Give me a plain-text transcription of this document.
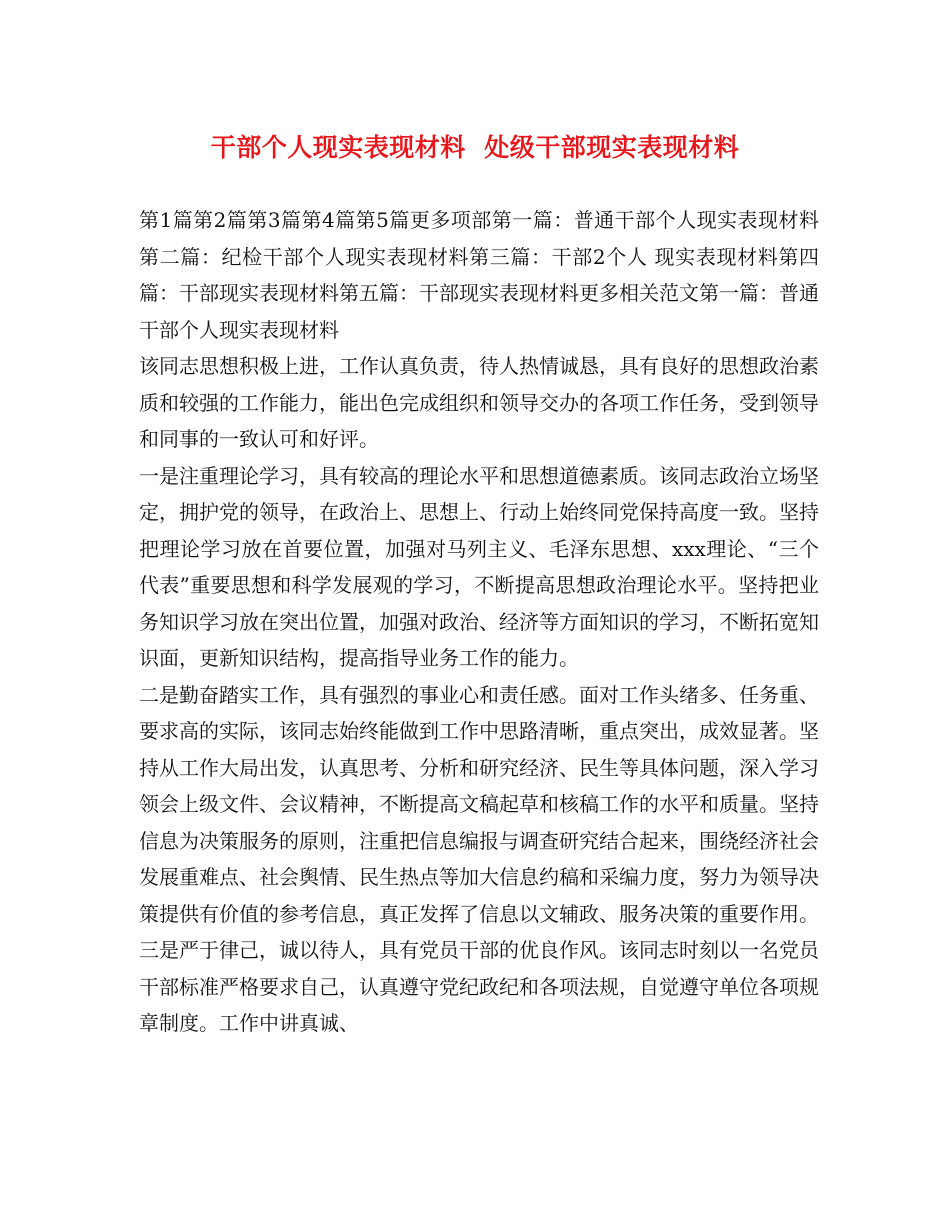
干部个人现实表现材料  处级干部现实表现材料

第1篇第2篇第3篇第4篇第5篇更多项部第一篇：普通干部个人现实表现材料第二篇：纪检干部个人现实表现材料第三篇：干部2个人 现实表现材料第四篇：干部现实表现材料第五篇：干部现实表现材料更多相关范文第一篇：普通干部个人现实表现材料

该同志思想积极上进，工作认真负责，待人热情诚恳，具有良好的思想政治素质和较强的工作能力，能出色完成组织和领导交办的各项工作任务，受到领导和同事的一致认可和好评。

一是注重理论学习，具有较高的理论水平和思想道德素质。该同志政治立场坚定，拥护党的领导，在政治上、思想上、行动上始终同党保持高度一致。坚持把理论学习放在首要位置，加强对马列主义、毛泽东思想、xxx理论、“三个代表”重要思想和科学发展观的学习，不断提高思想政治理论水平。坚持把业务知识学习放在突出位置，加强对政治、经济等方面知识的学习，不断拓宽知识面，更新知识结构，提高指导业务工作的能力。

二是勤奋踏实工作，具有强烈的事业心和责任感。面对工作头绪多、任务重、要求高的实际，该同志始终能做到工作中思路清晰，重点突出，成效显著。坚持从工作大局出发，认真思考、分析和研究经济、民生等具体问题，深入学习领会上级文件、会议精神，不断提高文稿起草和核稿工作的水平和质量。坚持信息为决策服务的原则，注重把信息编报与调查研究结合起来，围绕经济社会发展重难点、社会舆情、民生热点等加大信息约稿和采编力度，努力为领导决策提供有价值的参考信息，真正发挥了信息以文辅政、服务决策的重要作用。

三是严于律己，诚以待人，具有党员干部的优良作风。该同志时刻以一名党员干部标准严格要求自己，认真遵守党纪政纪和各项法规，自觉遵守单位各项规章制度。工作中讲真诚、
